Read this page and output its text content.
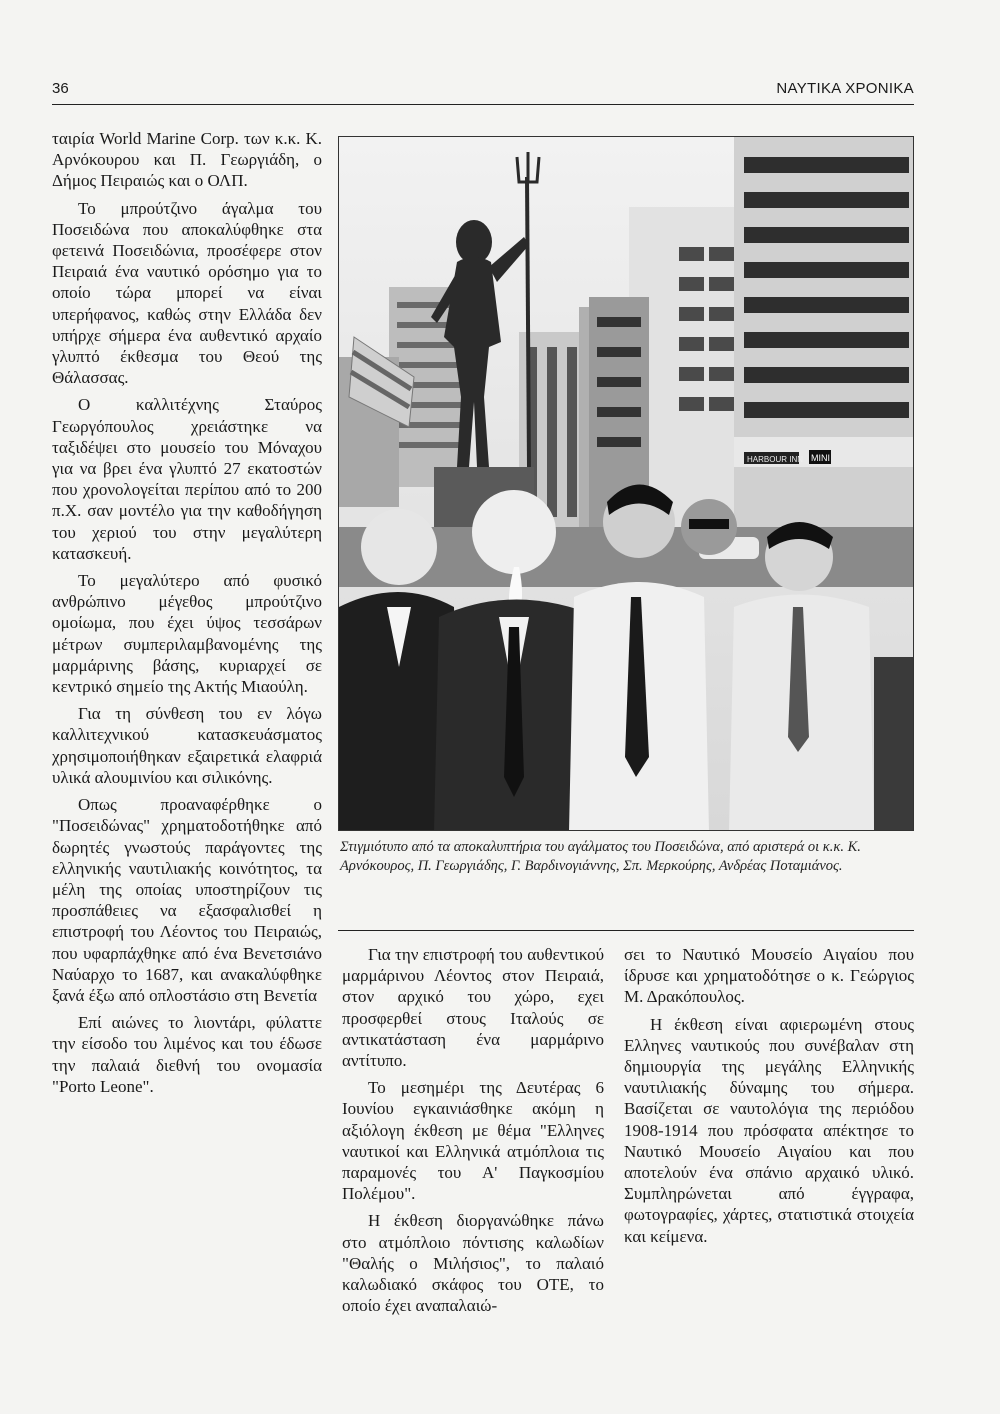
36	ΝΑΥΤΙΚΑ ΧΡΟΝΙΚΑ

ταιρία World Marine Corp. των κ.κ. Κ. Αρνόκουρου και Π. Γεωργιάδη, ο Δήμος Πειραιώς και ο ΟΛΠ.

Το μπρούτζινο άγαλμα του Ποσειδώνα που αποκαλύφθηκε στα φετεινά Ποσειδώνια, προσέφερε στον Πειραιά ένα ναυτικό ορόσημο για το οποίο τώρα μπορεί να είναι υπερήφανος, καθώς στην Ελλάδα δεν υπήρχε σήμερα ένα αυθεντικό αρχαίο γλυπτό έκθεσμα του Θεού της Θάλασσας.

Ο καλλιτέχνης Σταύρος Γεωργόπουλος χρειάστηκε να ταξιδέψει στο μουσείο του Μόναχου για να βρει ένα γλυπτό 27 εκατοστών που χρονολογείται περίπου από το 200 π.Χ. σαν μοντέλο για την καθοδήγηση του χεριού του στην μεγαλύτερη κατασκευή.

Το μεγαλύτερο από φυσικό ανθρώπινο μέγεθος μπρούτζινο ομοίωμα, που έχει ύψος τεσσάρων μέτρων συμπεριλαμβανομένης της μαρμάρινης βάσης, κυριαρχεί σε κεντρικό σημείο της Ακτής Μιαούλη.

Για τη σύνθεση του εν λόγω καλλιτεχνικού κατασκευάσματος χρησιμοποιήθηκαν εξαιρετικά ελαφριά υλικά αλουμινίου και σιλικόνης.

Οπως προαναφέρθηκε ο "Ποσειδώνας" χρηματοδοτήθηκε από δωρητές γνωστούς παράγοντες της ελληνικής ναυτιλιακής κοινότητος, τα μέλη της οποίας υποστηρίζουν τις προσπάθειες να εξασφαλισθεί η επιστροφή του Λέοντος του Πειραιώς, που υφαρπάχθηκε από ένα Βενετσιάνο Ναύαρχο το 1687, και ανακαλύφθηκε ξανά έξω από οπλοστάσιο στη Βενετία

Επί αιώνες το λιοντάρι, φύλαττε την είσοδο του λιμένος και του έδωσε την παλαιά διεθνή του ονομασία "Porto Leone".

HARBOUR INN MINI
Στιγμιότυπο από τα αποκαλυπτήρια του αγάλματος του Ποσειδώνα, από αριστερά οι κ.κ. Κ. Αρνόκουρος, Π. Γεωργιάδης, Γ. Βαρδινογιάννης, Σπ. Μερκούρης, Ανδρέας Ποταμιάνος.

Για την επιστροφή του αυθεντικού μαρμάρινου Λέοντος στον Πειραιά, στον αρχικό του χώρο, εχει προσφερθεί στους Ιταλούς σε αντικατάσταση ένα μαρμάρινο αντίτυπο.

Το μεσημέρι της Δευτέρας 6 Ιουνίου εγκαινιάσθηκε ακόμη η αξιόλογη έκθεση με θέμα "Ελληνες ναυτικοί και Ελληνικά ατμόπλοια τις παραμονές του Α' Παγκοσμίου Πολέμου".

Η έκθεση διοργανώθηκε πάνω στο ατμόπλοιο πόντισης καλωδίων "Θαλής ο Μιλήσιος", το παλαιό καλωδιακό σκάφος του ΟΤΕ, το οποίο έχει αναπαλαιώ-

σει το Ναυτικό Μουσείο Αιγαίου που ίδρυσε και χρηματοδότησε ο κ. Γεώργιος Μ. Δρακόπουλος.

Η έκθεση είναι αφιερωμένη στους Ελληνες ναυτικούς που συνέβαλαν στη δημιουργία της μεγάλης Ελληνικής ναυτιλιακής δύναμης του σήμερα. Βασίζεται σε ναυτολόγια της περιόδου 1908-1914 που πρόσφατα απέκτησε το Ναυτικό Μουσείο Αιγαίου και που αποτελούν ένα σπάνιο αρχαικό υλικό. Συμπληρώνεται από έγγραφα, φωτογραφίες, χάρτες, στατιστικά στοιχεία και κείμενα.
